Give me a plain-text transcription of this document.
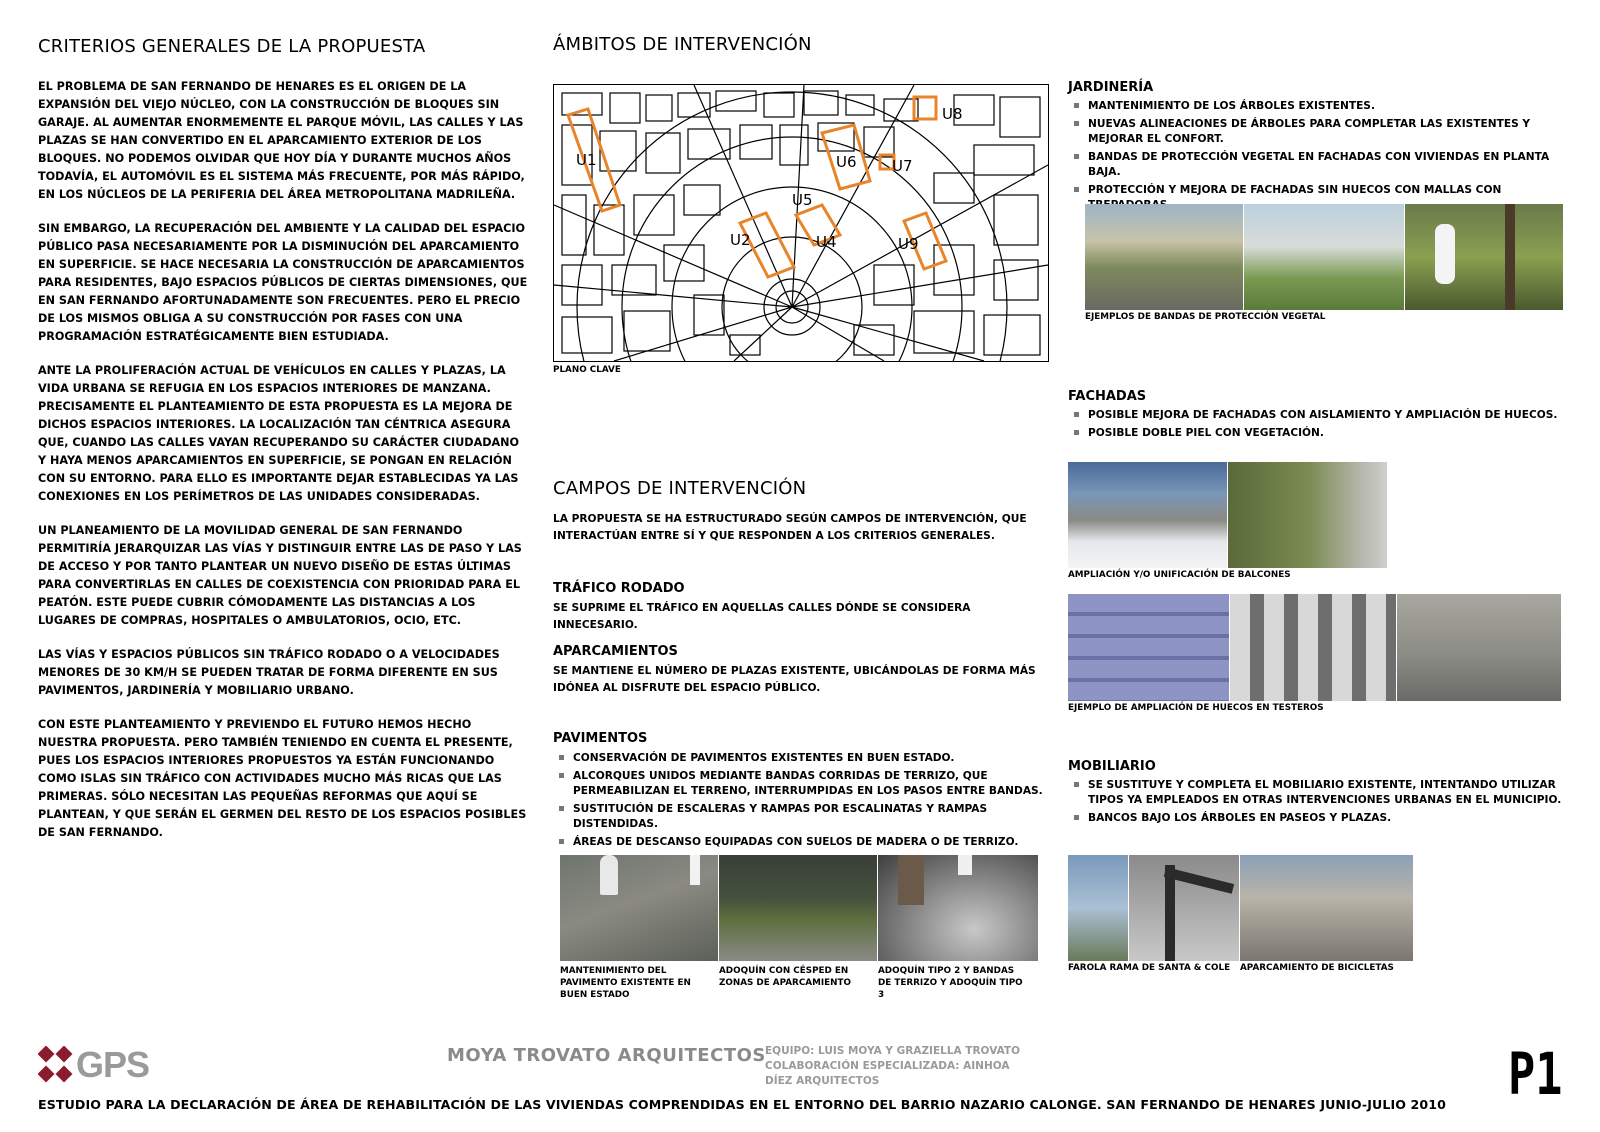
CRITERIOS GENERALES DE LA PROPUESTA

EL PROBLEMA DE SAN FERNANDO DE HENARES ES EL ORIGEN DE LA EXPANSIÓN DEL VIEJO NÚCLEO, CON LA CONSTRUCCIÓN DE BLOQUES SIN GARAJE. AL AUMENTAR ENORMEMENTE EL PARQUE MÓVIL, LAS CALLES Y LAS PLAZAS SE HAN CONVERTIDO EN EL APARCAMIENTO EXTERIOR DE LOS BLOQUES. NO PODEMOS OLVIDAR QUE HOY DÍA Y DURANTE MUCHOS AÑOS TODAVÍA, EL AUTOMÓVIL ES EL SISTEMA MÁS FRECUENTE, POR MÁS RÁPIDO, EN LOS NÚCLEOS DE LA PERIFERIA DEL ÁREA METROPOLITANA MADRILEÑA.

SIN EMBARGO, LA RECUPERACIÓN DEL AMBIENTE Y LA CALIDAD DEL ESPACIO PÚBLICO PASA NECESARIAMENTE POR LA DISMINUCIÓN DEL APARCAMIENTO EN SUPERFICIE. SE HACE NECESARIA LA CONSTRUCCIÓN DE APARCAMIENTOS PARA RESIDENTES, BAJO ESPACIOS PÚBLICOS DE CIERTAS DIMENSIONES, QUE EN SAN FERNANDO AFORTUNADAMENTE SON FRECUENTES. PERO EL PRECIO DE LOS MISMOS OBLIGA A SU CONSTRUCCIÓN POR FASES CON UNA PROGRAMACIÓN ESTRATÉGICAMENTE BIEN ESTUDIADA.

ANTE LA PROLIFERACIÓN ACTUAL DE VEHÍCULOS EN CALLES Y PLAZAS, LA VIDA URBANA SE REFUGIA EN LOS ESPACIOS INTERIORES DE MANZANA. PRECISAMENTE EL PLANTEAMIENTO DE ESTA PROPUESTA ES LA MEJORA DE DICHOS ESPACIOS INTERIORES. LA LOCALIZACIÓN TAN CÉNTRICA ASEGURA QUE, CUANDO LAS CALLES VAYAN RECUPERANDO SU CARÁCTER CIUDADANO Y HAYA MENOS APARCAMIENTOS EN SUPERFICIE, SE PONGAN EN RELACIÓN CON SU ENTORNO. PARA ELLO ES IMPORTANTE DEJAR ESTABLECIDAS YA LAS CONEXIONES EN LOS PERÍMETROS DE LAS UNIDADES CONSIDERADAS.

UN PLANEAMIENTO DE LA MOVILIDAD GENERAL DE SAN FERNANDO PERMITIRÍA JERARQUIZAR LAS VÍAS Y DISTINGUIR ENTRE LAS DE PASO Y LAS DE ACCESO Y POR TANTO PLANTEAR UN NUEVO DISEÑO DE ESTAS ÚLTIMAS PARA CONVERTIRLAS EN CALLES DE COEXISTENCIA CON PRIORIDAD PARA EL PEATÓN. ESTE PUEDE CUBRIR CÓMODAMENTE LAS DISTANCIAS A LOS LUGARES DE COMPRAS, HOSPITALES O AMBULATORIOS, OCIO, ETC.

LAS VÍAS Y ESPACIOS PÚBLICOS SIN TRÁFICO RODADO O A VELOCIDADES MENORES DE 30 KM/H SE PUEDEN TRATAR DE FORMA DIFERENTE EN SUS PAVIMENTOS, JARDINERÍA Y MOBILIARIO URBANO.

CON ESTE PLANTEAMIENTO Y PREVIENDO EL FUTURO HEMOS HECHO NUESTRA PROPUESTA. PERO TAMBIÉN TENIENDO EN CUENTA EL PRESENTE, PUES LOS ESPACIOS INTERIORES PROPUESTOS YA ESTÁN FUNCIONANDO COMO ISLAS SIN TRÁFICO CON ACTIVIDADES MUCHO MÁS RICAS QUE LAS PRIMERAS. SÓLO NECESITAN LAS PEQUEÑAS REFORMAS QUE AQUÍ SE PLANTEAN, Y QUE SERÁN EL GERMEN DEL RESTO DE LOS ESPACIOS POSIBLES DE SAN FERNANDO.

ÁMBITOS DE INTERVENCIÓN
U1
U2	U4
U5
U6 U7
U8
U9
PLANO CLAVE
CAMPOS DE INTERVENCIÓN

LA PROPUESTA SE HA ESTRUCTURADO SEGÚN CAMPOS DE INTERVENCIÓN, QUE INTERACTÚAN ENTRE SÍ Y QUE RESPONDEN A LOS CRITERIOS GENERALES.

TRÁFICO RODADO

SE SUPRIME EL TRÁFICO EN AQUELLAS CALLES DÓNDE SE CONSIDERA INNECESARIO.

APARCAMIENTOS

SE MANTIENE EL NÚMERO DE PLAZAS EXISTENTE, UBICÁNDOLAS DE FORMA MÁS IDÓNEA AL DISFRUTE DEL ESPACIO PÚBLICO.

PAVIMENTOS
CONSERVACIÓN DE PAVIMENTOS EXISTENTES EN BUEN ESTADO.
ALCORQUES UNIDOS MEDIANTE BANDAS CORRIDAS DE TERRIZO, QUE PERMEABILIZAN EL TERRENO, INTERRUMPIDAS EN LOS PASOS ENTRE BANDAS.
SUSTITUCIÓN DE ESCALERAS Y RAMPAS POR ESCALINATAS Y RAMPAS DISTENDIDAS.
ÁREAS DE DESCANSO EQUIPADAS CON SUELOS DE MADERA O DE TERRIZO.
MANTENIMIENTO DEL PAVIMENTO EXISTENTE EN BUEN ESTADO
ADOQUÍN CON CÉSPED EN ZONAS DE APARCAMIENTO
ADOQUÍN TIPO 2 Y BANDAS DE TERRIZO Y ADOQUÍN TIPO 3
JARDINERÍA
MANTENIMIENTO DE LOS ÁRBOLES EXISTENTES.
NUEVAS ALINEACIONES DE ÁRBOLES PARA COMPLETAR LAS EXISTENTES Y MEJORAR EL CONFORT.
BANDAS DE PROTECCIÓN VEGETAL EN FACHADAS CON VIVIENDAS EN PLANTA BAJA.
PROTECCIÓN Y MEJORA DE FACHADAS SIN HUECOS CON MALLAS CON
EJEMPLOS DE BANDAS DE PROTECCIÓN VEGETAL
FACHADAS
POSIBLE MEJORA DE FACHADAS CON AISLAMIENTO Y AMPLIACIÓN DE HUECOS.
POSIBLE DOBLE PIEL CON VEGETACIÓN.
AMPLIACIÓN Y/O UNIFICACIÓN DE BALCONES
EJEMPLO DE AMPLIACIÓN DE HUECOS EN TESTEROS
MOBILIARIO
SE SUSTITUYE Y COMPLETA EL MOBILIARIO EXISTENTE, INTENTANDO UTILIZAR TIPOS YA EMPLEADOS EN OTRAS INTERVENCIONES URBANAS EN EL MUNICIPIO.
BANCOS BAJO LOS ÁRBOLES EN PASEOS Y PLAZAS.
FAROLA RAMA DE SANTA & COLE APARCAMIENTO DE BICICLETAS
GPS	MOYA TROVATO ARQUITECTOS EQUIPO: LUIS MOYA Y GRAZIELLA TROVATO
COLABORACIÓN ESPECIALIZADA: AINHOA DÍEZ ARQUITECTOS
ESTUDIO PARA LA DECLARACIÓN DE ÁREA DE REHABILITACIÓN DE LAS VIVIENDAS COMPRENDIDAS EN EL ENTORNO DEL BARRIO NAZARIO CALONGE. SAN FERNANDO DE HENARES JUNIO-JULIO 2010 P1
